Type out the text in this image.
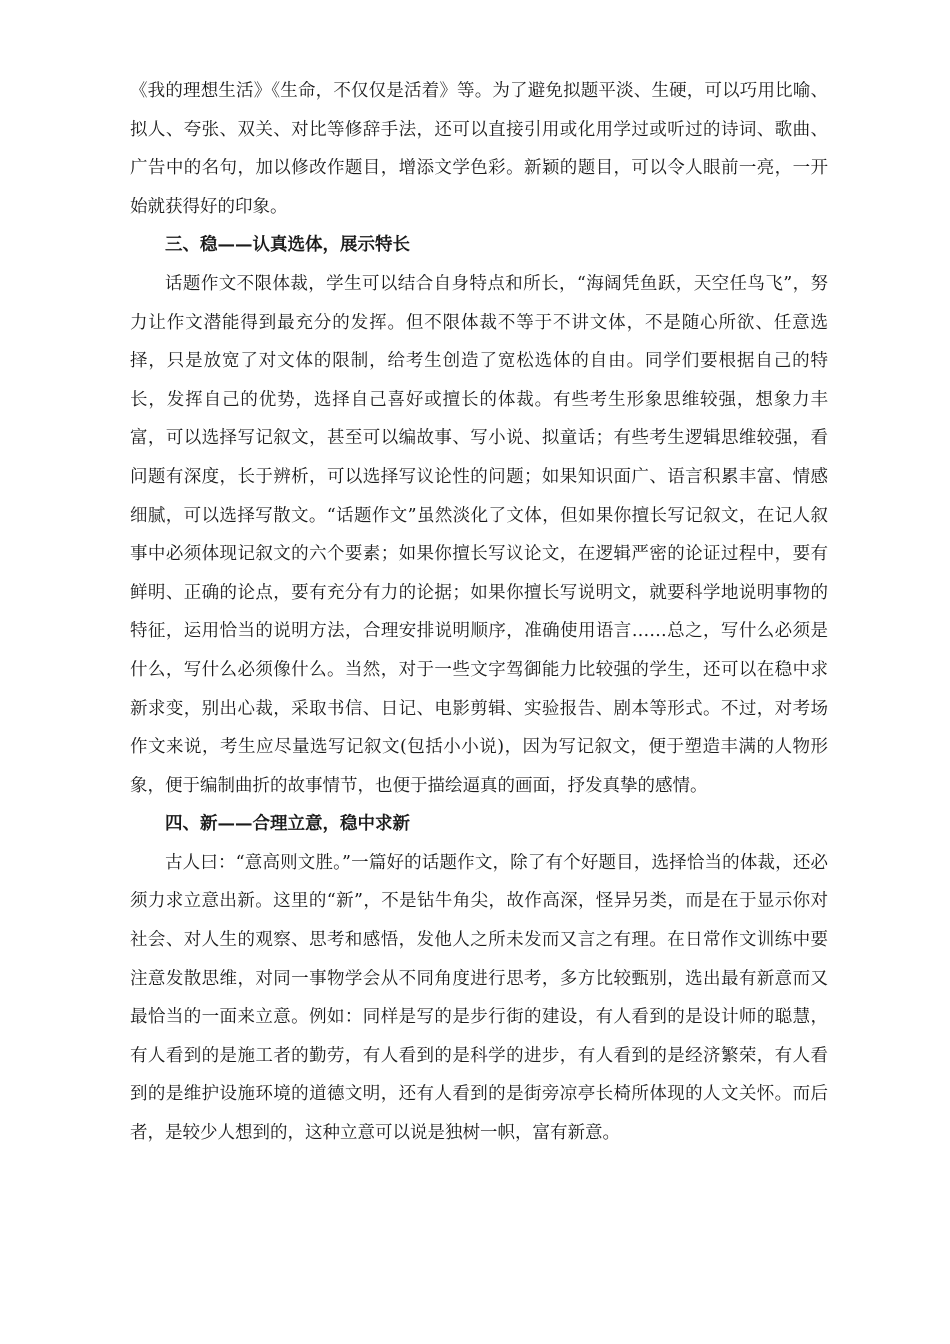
《我的理想生活》《生命，不仅仅是活着》等。为了避免拟题平淡、生硬，可以巧用比喻、拟人、夸张、双关、对比等修辞手法，还可以直接引用或化用学过或听过的诗词、歌曲、广告中的名句，加以修改作题目，增添文学色彩。新颖的题目，可以令人眼前一亮，一开始就获得好的印象。

三、稳——认真选体，展示特长

话题作文不限体裁，学生可以结合自身特点和所长，“海阔凭鱼跃，天空任鸟飞”，努力让作文潜能得到最充分的发挥。但不限体裁不等于不讲文体，不是随心所欲、任意选择，只是放宽了对文体的限制，给考生创造了宽松选体的自由。同学们要根据自己的特长，发挥自己的优势，选择自己喜好或擅长的体裁。有些考生形象思维较强，想象力丰富，可以选择写记叙文，甚至可以编故事、写小说、拟童话；有些考生逻辑思维较强，看问题有深度，长于辨析，可以选择写议论性的问题；如果知识面广、语言积累丰富、情感细腻，可以选择写散文。“话题作文”虽然淡化了文体，但如果你擅长写记叙文，在记人叙事中必须体现记叙文的六个要素；如果你擅长写议论文，在逻辑严密的论证过程中，要有鲜明、正确的论点，要有充分有力的论据；如果你擅长写说明文，就要科学地说明事物的特征，运用恰当的说明方法，合理安排说明顺序，准确使用语言……总之，写什么必须是什么，写什么必须像什么。当然，对于一些文字驾御能力比较强的学生，还可以在稳中求新求变，别出心裁，采取书信、日记、电影剪辑、实验报告、剧本等形式。不过，对考场作文来说，考生应尽量选写记叙文(包括小小说)，因为写记叙文，便于塑造丰满的人物形象，便于编制曲折的故事情节，也便于描绘逼真的画面，抒发真挚的感情。

四、新——合理立意，稳中求新

古人曰：“意高则文胜。”一篇好的话题作文，除了有个好题目，选择恰当的体裁，还必须力求立意出新。这里的“新”，不是钻牛角尖，故作高深，怪异另类，而是在于显示你对社会、对人生的观察、思考和感悟，发他人之所未发而又言之有理。在日常作文训练中要注意发散思维，对同一事物学会从不同角度进行思考，多方比较甄别，选出最有新意而又最恰当的一面来立意。例如：同样是写的是步行街的建设，有人看到的是设计师的聪慧，有人看到的是施工者的勤劳，有人看到的是科学的进步，有人看到的是经济繁荣，有人看到的是维护设施环境的道德文明，还有人看到的是街旁凉亭长椅所体现的人文关怀。而后者，是较少人想到的，这种立意可以说是独树一帜，富有新意。
